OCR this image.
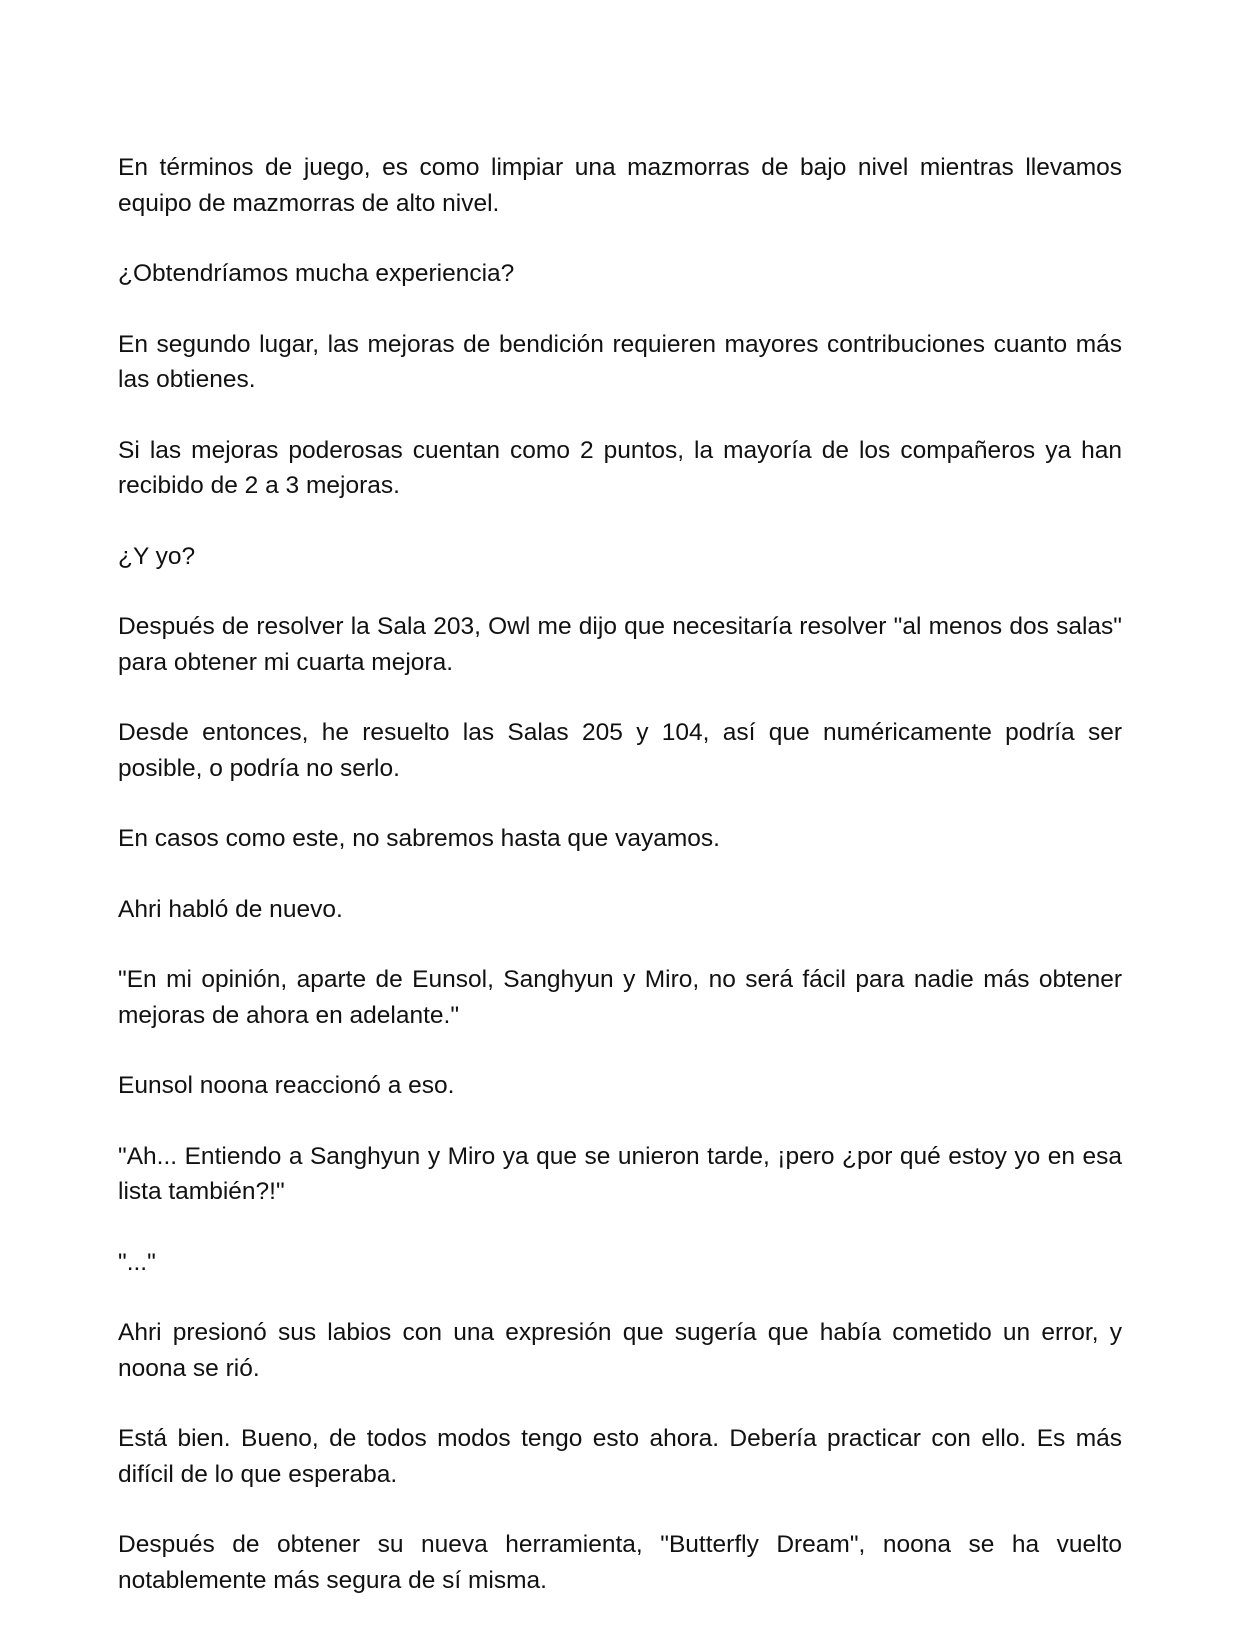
En términos de juego, es como limpiar una mazmorras de bajo nivel mientras llevamos equipo de mazmorras de alto nivel.

¿Obtendríamos mucha experiencia?

En segundo lugar, las mejoras de bendición requieren mayores contribuciones cuanto más las obtienes.

Si las mejoras poderosas cuentan como 2 puntos, la mayoría de los compañeros ya han recibido de 2 a 3 mejoras.

¿Y yo?

Después de resolver la Sala 203, Owl me dijo que necesitaría resolver "al menos dos salas" para obtener mi cuarta mejora.

Desde entonces, he resuelto las Salas 205 y 104, así que numéricamente podría ser posible, o podría no serlo.

En casos como este, no sabremos hasta que vayamos.

Ahri habló de nuevo.

"En mi opinión, aparte de Eunsol, Sanghyun y Miro, no será fácil para nadie más obtener mejoras de ahora en adelante."

Eunsol noona reaccionó a eso.

"Ah... Entiendo a Sanghyun y Miro ya que se unieron tarde, ¡pero ¿por qué estoy yo en esa lista también?!"

"..."

Ahri presionó sus labios con una expresión que sugería que había cometido un error, y noona se rió.

Está bien. Bueno, de todos modos tengo esto ahora. Debería practicar con ello. Es más difícil de lo que esperaba.

Después de obtener su nueva herramienta, "Butterfly Dream", noona se ha vuelto notablemente más segura de sí misma.
